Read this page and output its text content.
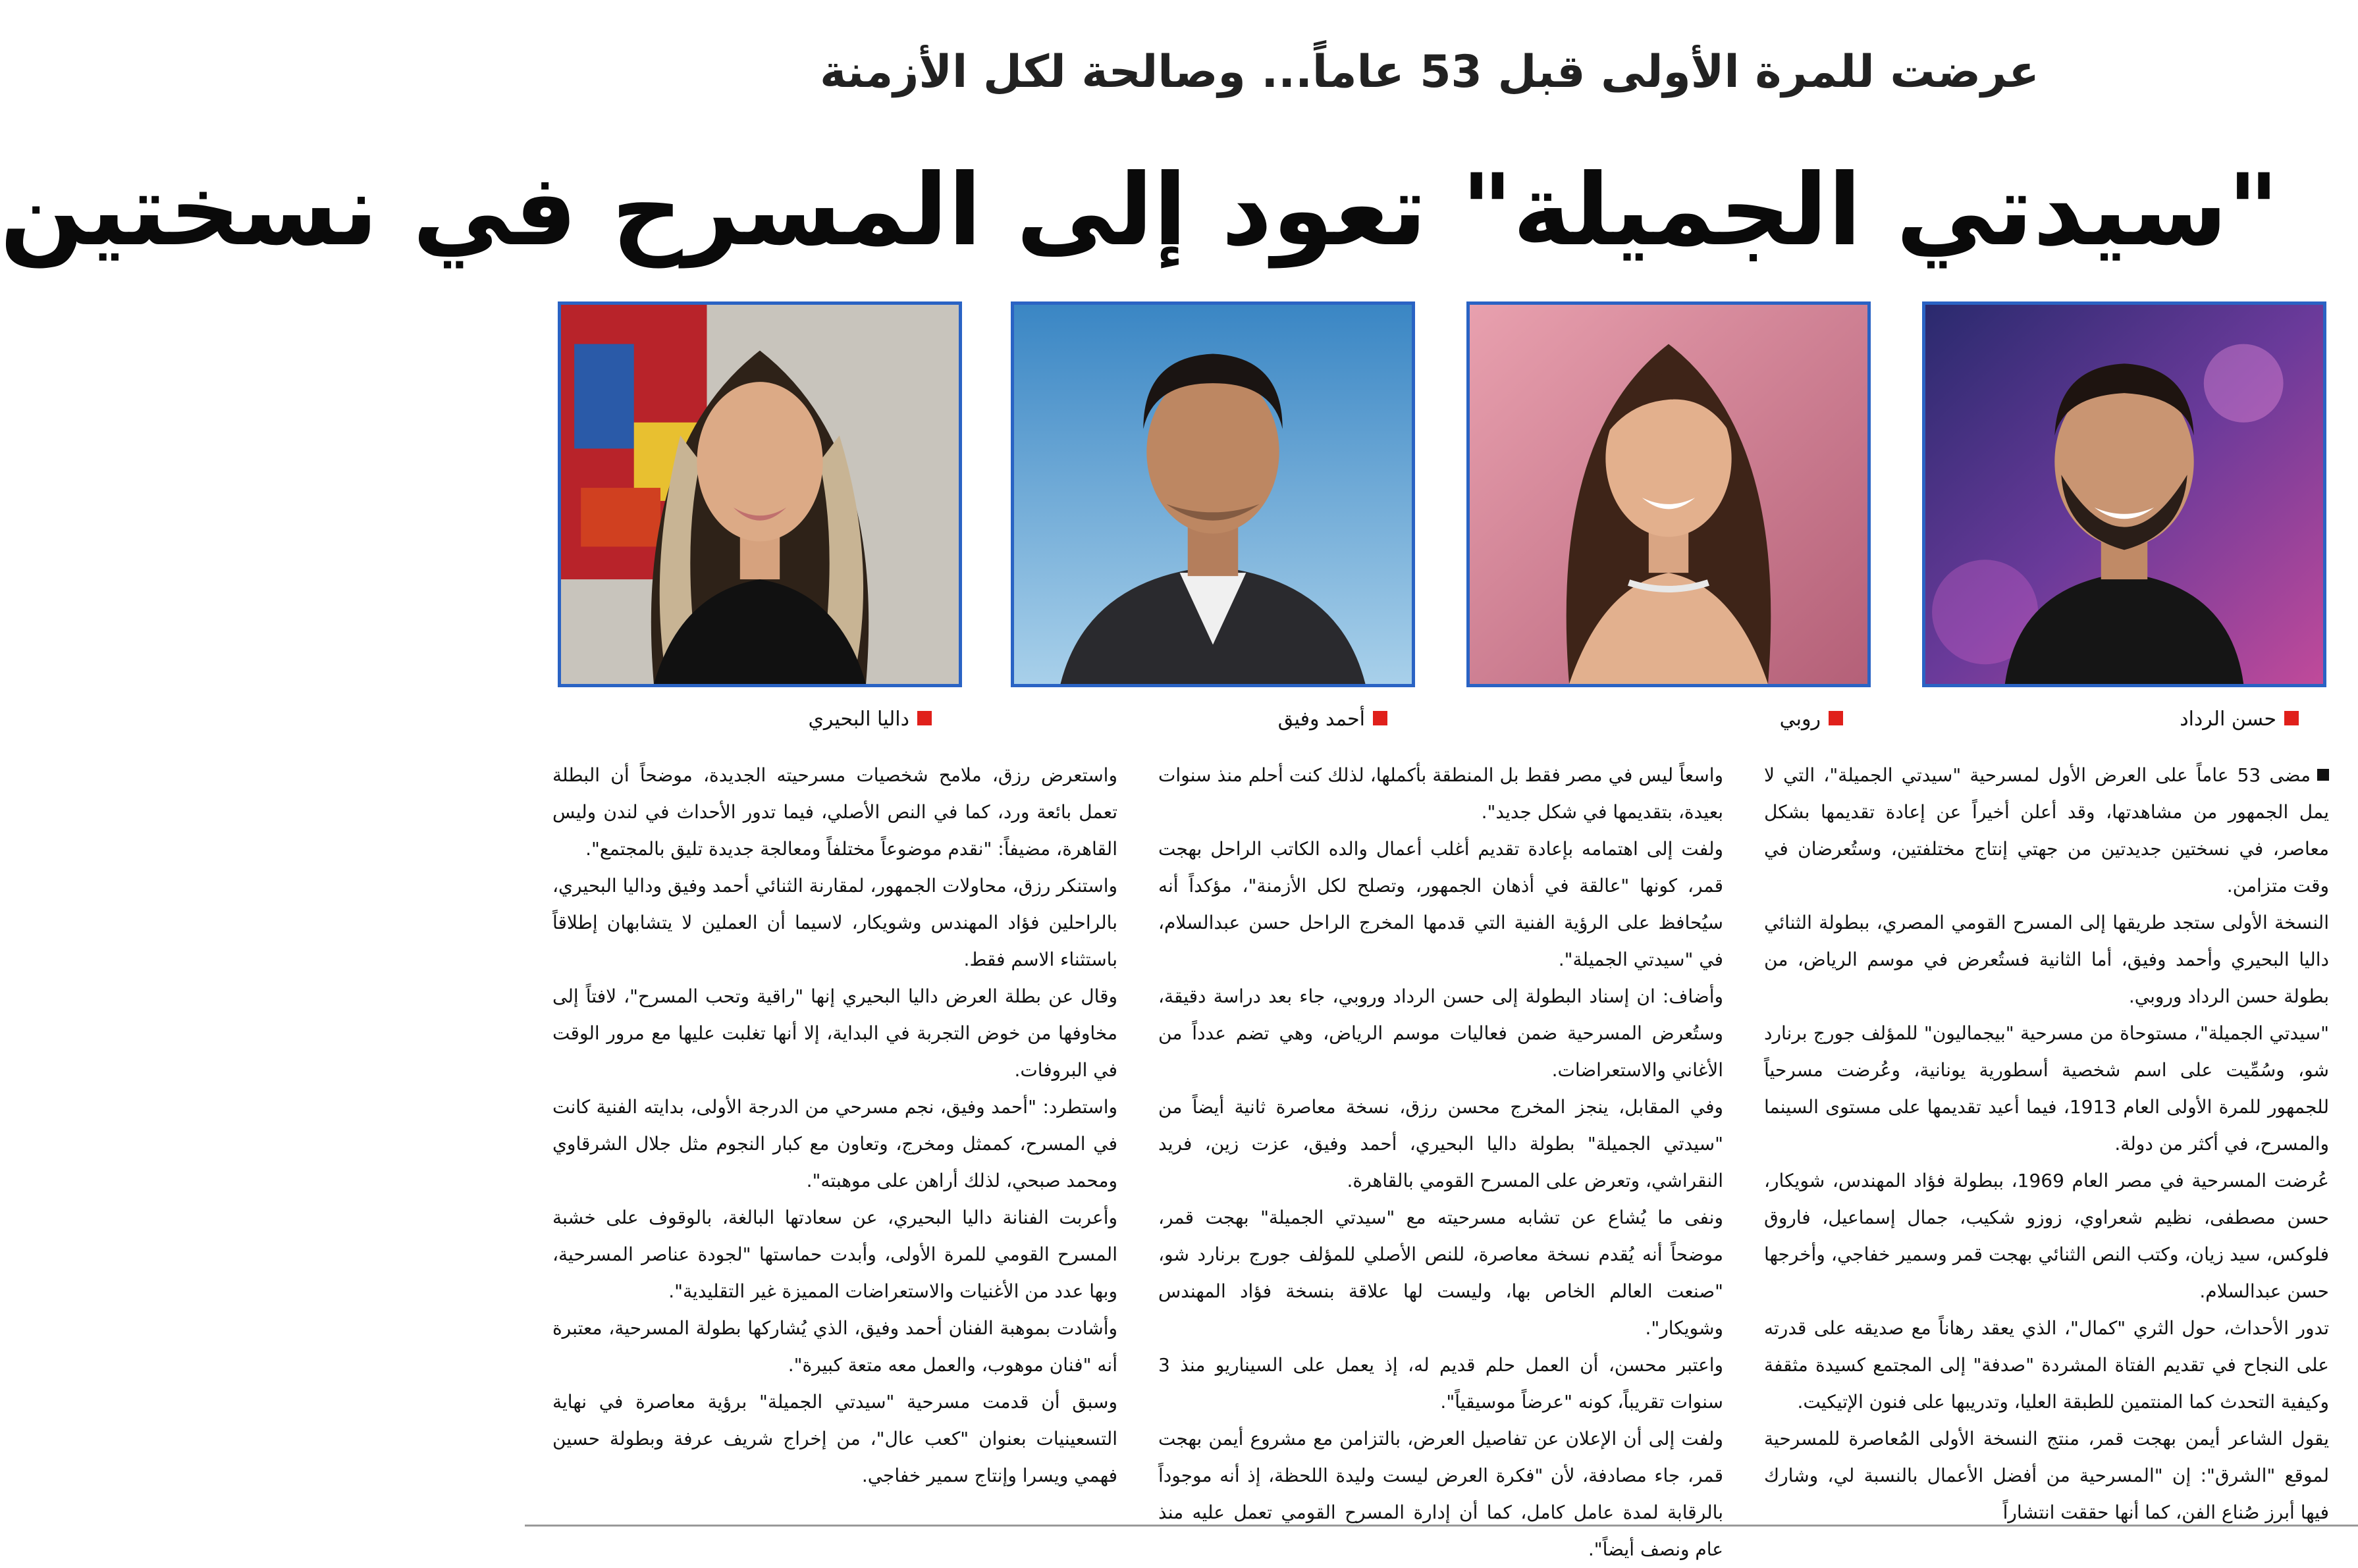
عرضت للمرة الأولى قبل 53 عاماً... وصالحة لكل الأزمنة
"سيدتي الجميلة" تعود إلى المسرح في نسختين
حسن الرداد
روبي
أحمد وفيق
داليا البحيري

مضى 53 عاماً على العرض الأول لمسرحية "سيدتي الجميلة"، التي لا يمل الجمهور من مشاهدتها، وقد أعلن أخيراً عن إعادة تقديمها بشكل معاصر، في نسختين جديدتين من جهتي إنتاج مختلفتين، وستُعرضان في وقت متزامن.

النسخة الأولى ستجد طريقها إلى المسرح القومي المصري، ببطولة الثنائي داليا البحيري وأحمد وفيق، أما الثانية فستُعرض في موسم الرياض، من بطولة حسن الرداد وروبي.

"سيدتي الجميلة"، مستوحاة من مسرحية "بيجماليون" للمؤلف جورج برنارد شو، وسُمِّيت على اسم شخصية أسطورية يونانية، وعُرضت مسرحياً للجمهور للمرة الأولى العام 1913، فيما أعيد تقديمها على مستوى السينما والمسرح، في أكثر من دولة.

عُرضت المسرحية في مصر العام 1969، ببطولة فؤاد المهندس، شويكار، حسن مصطفى، نظيم شعراوي، زوزو شكيب، جمال إسماعيل، فاروق فلوكس، سيد زيان، وكتب النص الثنائي بهجت قمر وسمير خفاجي، وأخرجها حسن عبدالسلام.

تدور الأحداث، حول الثري "كمال"، الذي يعقد رهاناً مع صديقه على قدرته على النجاح في تقديم الفتاة المشردة "صدفة" إلى المجتمع كسيدة مثقفة وكيفية التحدث كما المنتمين للطبقة العليا، وتدريبها على فنون الإتيكيت.

يقول الشاعر أيمن بهجت قمر، منتج النسخة الأولى المُعاصرة للمسرحية لموقع "الشرق": إن "المسرحية من أفضل الأعمال بالنسبة لي، وشارك فيها أبرز صُناع الفن، كما أنها حققت انتشاراً

واسعاً ليس في مصر فقط بل المنطقة بأكملها، لذلك كنت أحلم منذ سنوات بعيدة، بتقديمها في شكل جديد".

ولفت إلى اهتمامه بإعادة تقديم أغلب أعمال والده الكاتب الراحل بهجت قمر، كونها "عالقة في أذهان الجمهور، وتصلح لكل الأزمنة"، مؤكداً أنه سيُحافظ على الرؤية الفنية التي قدمها المخرج الراحل حسن عبدالسلام، في "سيدتي الجميلة".

وأضاف: ان إسناد البطولة إلى حسن الرداد وروبي، جاء بعد دراسة دقيقة، وستُعرض المسرحية ضمن فعاليات موسم الرياض، وهي تضم عدداً من الأغاني والاستعراضات.

وفي المقابل، ينجز المخرج محسن رزق، نسخة معاصرة ثانية أيضاً من "سيدتي الجميلة" بطولة داليا البحيري، أحمد وفيق، عزت زين، فريد النقراشي، وتعرض على المسرح القومي بالقاهرة.

ونفى ما يُشاع عن تشابه مسرحيته مع "سيدتي الجميلة" بهجت قمر، موضحاً أنه يُقدم نسخة معاصرة، للنص الأصلي للمؤلف جورج برنارد شو، "صنعت العالم الخاص بها، وليست لها علاقة بنسخة فؤاد المهندس وشويكار".

واعتبر محسن، أن العمل حلم قديم له، إذ يعمل على السيناريو منذ 3 سنوات تقريباً، كونه "عرضاً موسيقياً".

ولفت إلى أن الإعلان عن تفاصيل العرض، بالتزامن مع مشروع أيمن بهجت قمر، جاء مصادفة، لأن "فكرة العرض ليست وليدة اللحظة، إذ أنه موجوداً بالرقابة لمدة عامل كامل، كما أن إدارة المسرح القومي تعمل عليه منذ عام ونصف أيضاً".

واستعرض رزق، ملامح شخصيات مسرحيته الجديدة، موضحاً أن البطلة تعمل بائعة ورد، كما في النص الأصلي، فيما تدور الأحداث في لندن وليس القاهرة، مضيفاً: "نقدم موضوعاً مختلفاً ومعالجة جديدة تليق بالمجتمع".

واستنكر رزق، محاولات الجمهور، لمقارنة الثنائي أحمد وفيق وداليا البحيري، بالراحلين فؤاد المهندس وشويكار، لاسيما أن العملين لا يتشابهان إطلاقاً باستثناء الاسم فقط.

وقال عن بطلة العرض داليا البحيري إنها "راقية وتحب المسرح"، لافتاً إلى مخاوفها من خوض التجربة في البداية، إلا أنها تغلبت عليها مع مرور الوقت في البروفات.

واستطرد: "أحمد وفيق، نجم مسرحي من الدرجة الأولى، بدايته الفنية كانت في المسرح، كممثل ومخرج، وتعاون مع كبار النجوم مثل جلال الشرقاوي ومحمد صبحي، لذلك أراهن على موهبته".

وأعربت الفنانة داليا البحيري، عن سعادتها البالغة، بالوقوف على خشبة المسرح القومي للمرة الأولى، وأبدت حماستها "لجودة عناصر المسرحية، وبها عدد من الأغنيات والاستعراضات المميزة غير التقليدية".

وأشادت بموهبة الفنان أحمد وفيق، الذي يُشاركها بطولة المسرحية، معتبرة أنه "فنان موهوب، والعمل معه متعة كبيرة".

وسبق أن قدمت مسرحية "سيدتي الجميلة" برؤية معاصرة في نهاية التسعينيات بعنوان "كعب عال"، من إخراج شريف عرفة وبطولة حسين فهمي ويسرا وإنتاج سمير خفاجي.
